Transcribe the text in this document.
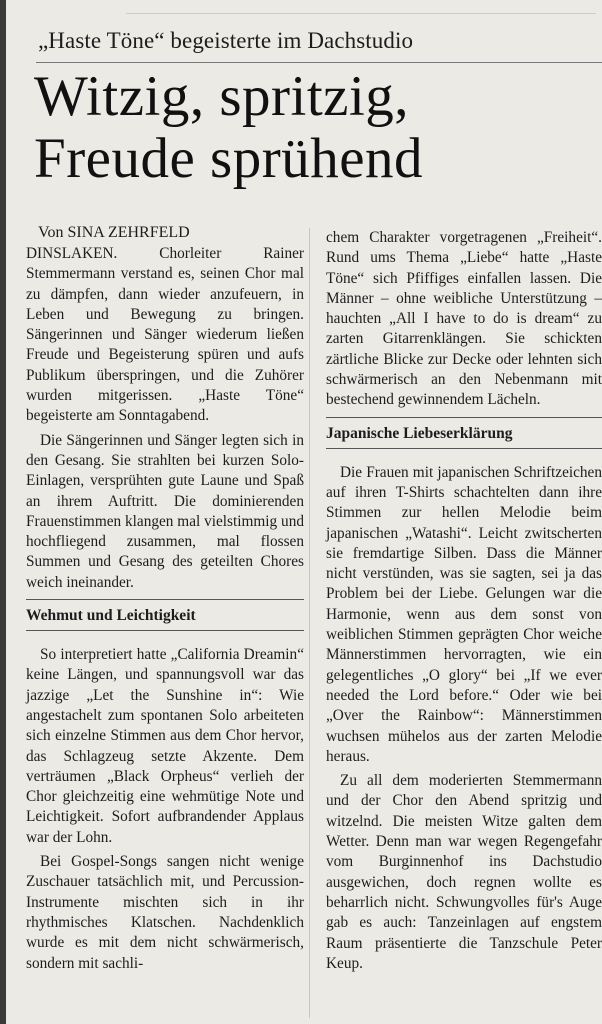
„Haste Töne“ begeisterte im Dachstudio
Witzig, spritzig,
Freude sprühend
Von SINA ZEHRFELD

DINSLAKEN. Chorleiter Rainer Stemmermann verstand es, seinen Chor mal zu dämpfen, dann wieder anzufeuern, in Leben und Bewegung zu bringen. Sängerinnen und Sänger wiederum ließen Freude und Begeisterung spüren und aufs Publikum überspringen, und die Zuhörer wurden mitgerissen. „Haste Töne“ begeisterte am Sonntagabend.

Die Sängerinnen und Sänger legten sich in den Gesang. Sie strahlten bei kurzen Solo-Einlagen, versprühten gute Laune und Spaß an ihrem Auftritt. Die dominierenden Frauenstimmen klangen mal vielstimmig und hochfliegend zusammen, mal flossen Summen und Gesang des geteilten Chores weich ineinander.

Wehmut und Leichtigkeit

So interpretiert hatte „California Dreamin“ keine Längen, und spannungsvoll war das jazzige „Let the Sunshine in“: Wie angestachelt zum spontanen Solo arbeiteten sich einzelne Stimmen aus dem Chor hervor, das Schlagzeug setzte Akzente. Dem verträumen „Black Orpheus“ verlieh der Chor gleichzeitig eine wehmütige Note und Leichtigkeit. Sofort aufbrandender Applaus war der Lohn.

Bei Gospel-Songs sangen nicht wenige Zuschauer tatsächlich mit, und Percussion-Instrumente mischten sich in ihr rhythmisches Klatschen. Nachdenklich wurde es mit dem nicht schwärmerisch, sondern mit sachli-

chem Charakter vorgetragenen „Freiheit“. Rund ums Thema „Liebe“ hatte „Haste Töne“ sich Pfiffiges einfallen lassen. Die Männer – ohne weibliche Unterstützung – hauchten „All I have to do is dream“ zu zarten Gitarrenklängen. Sie schickten zärtliche Blicke zur Decke oder lehnten sich schwärmerisch an den Nebenmann mit bestechend gewinnendem Lächeln.

Japanische Liebeserklärung

Die Frauen mit japanischen Schriftzeichen auf ihren T-Shirts schachtelten dann ihre Stimmen zur hellen Melodie beim japanischen „Watashi“. Leicht zwitscherten sie fremdartige Silben. Dass die Männer nicht verstünden, was sie sagten, sei ja das Problem bei der Liebe. Gelungen war die Harmonie, wenn aus dem sonst von weiblichen Stimmen geprägten Chor weiche Männerstimmen hervorragten, wie ein gelegentliches „O glory“ bei „If we ever needed the Lord before.“ Oder wie bei „Over the Rainbow“: Männerstimmen wuchsen mühelos aus der zarten Melodie heraus.

Zu all dem moderierten Stemmermann und der Chor den Abend spritzig und witzelnd. Die meisten Witze galten dem Wetter. Denn man war wegen Regengefahr vom Burginnenhof ins Dachstudio ausgewichen, doch regnen wollte es beharrlich nicht. Schwungvolles für's Auge gab es auch: Tanzeinlagen auf engstem Raum präsentierte die Tanzschule Peter Keup.
